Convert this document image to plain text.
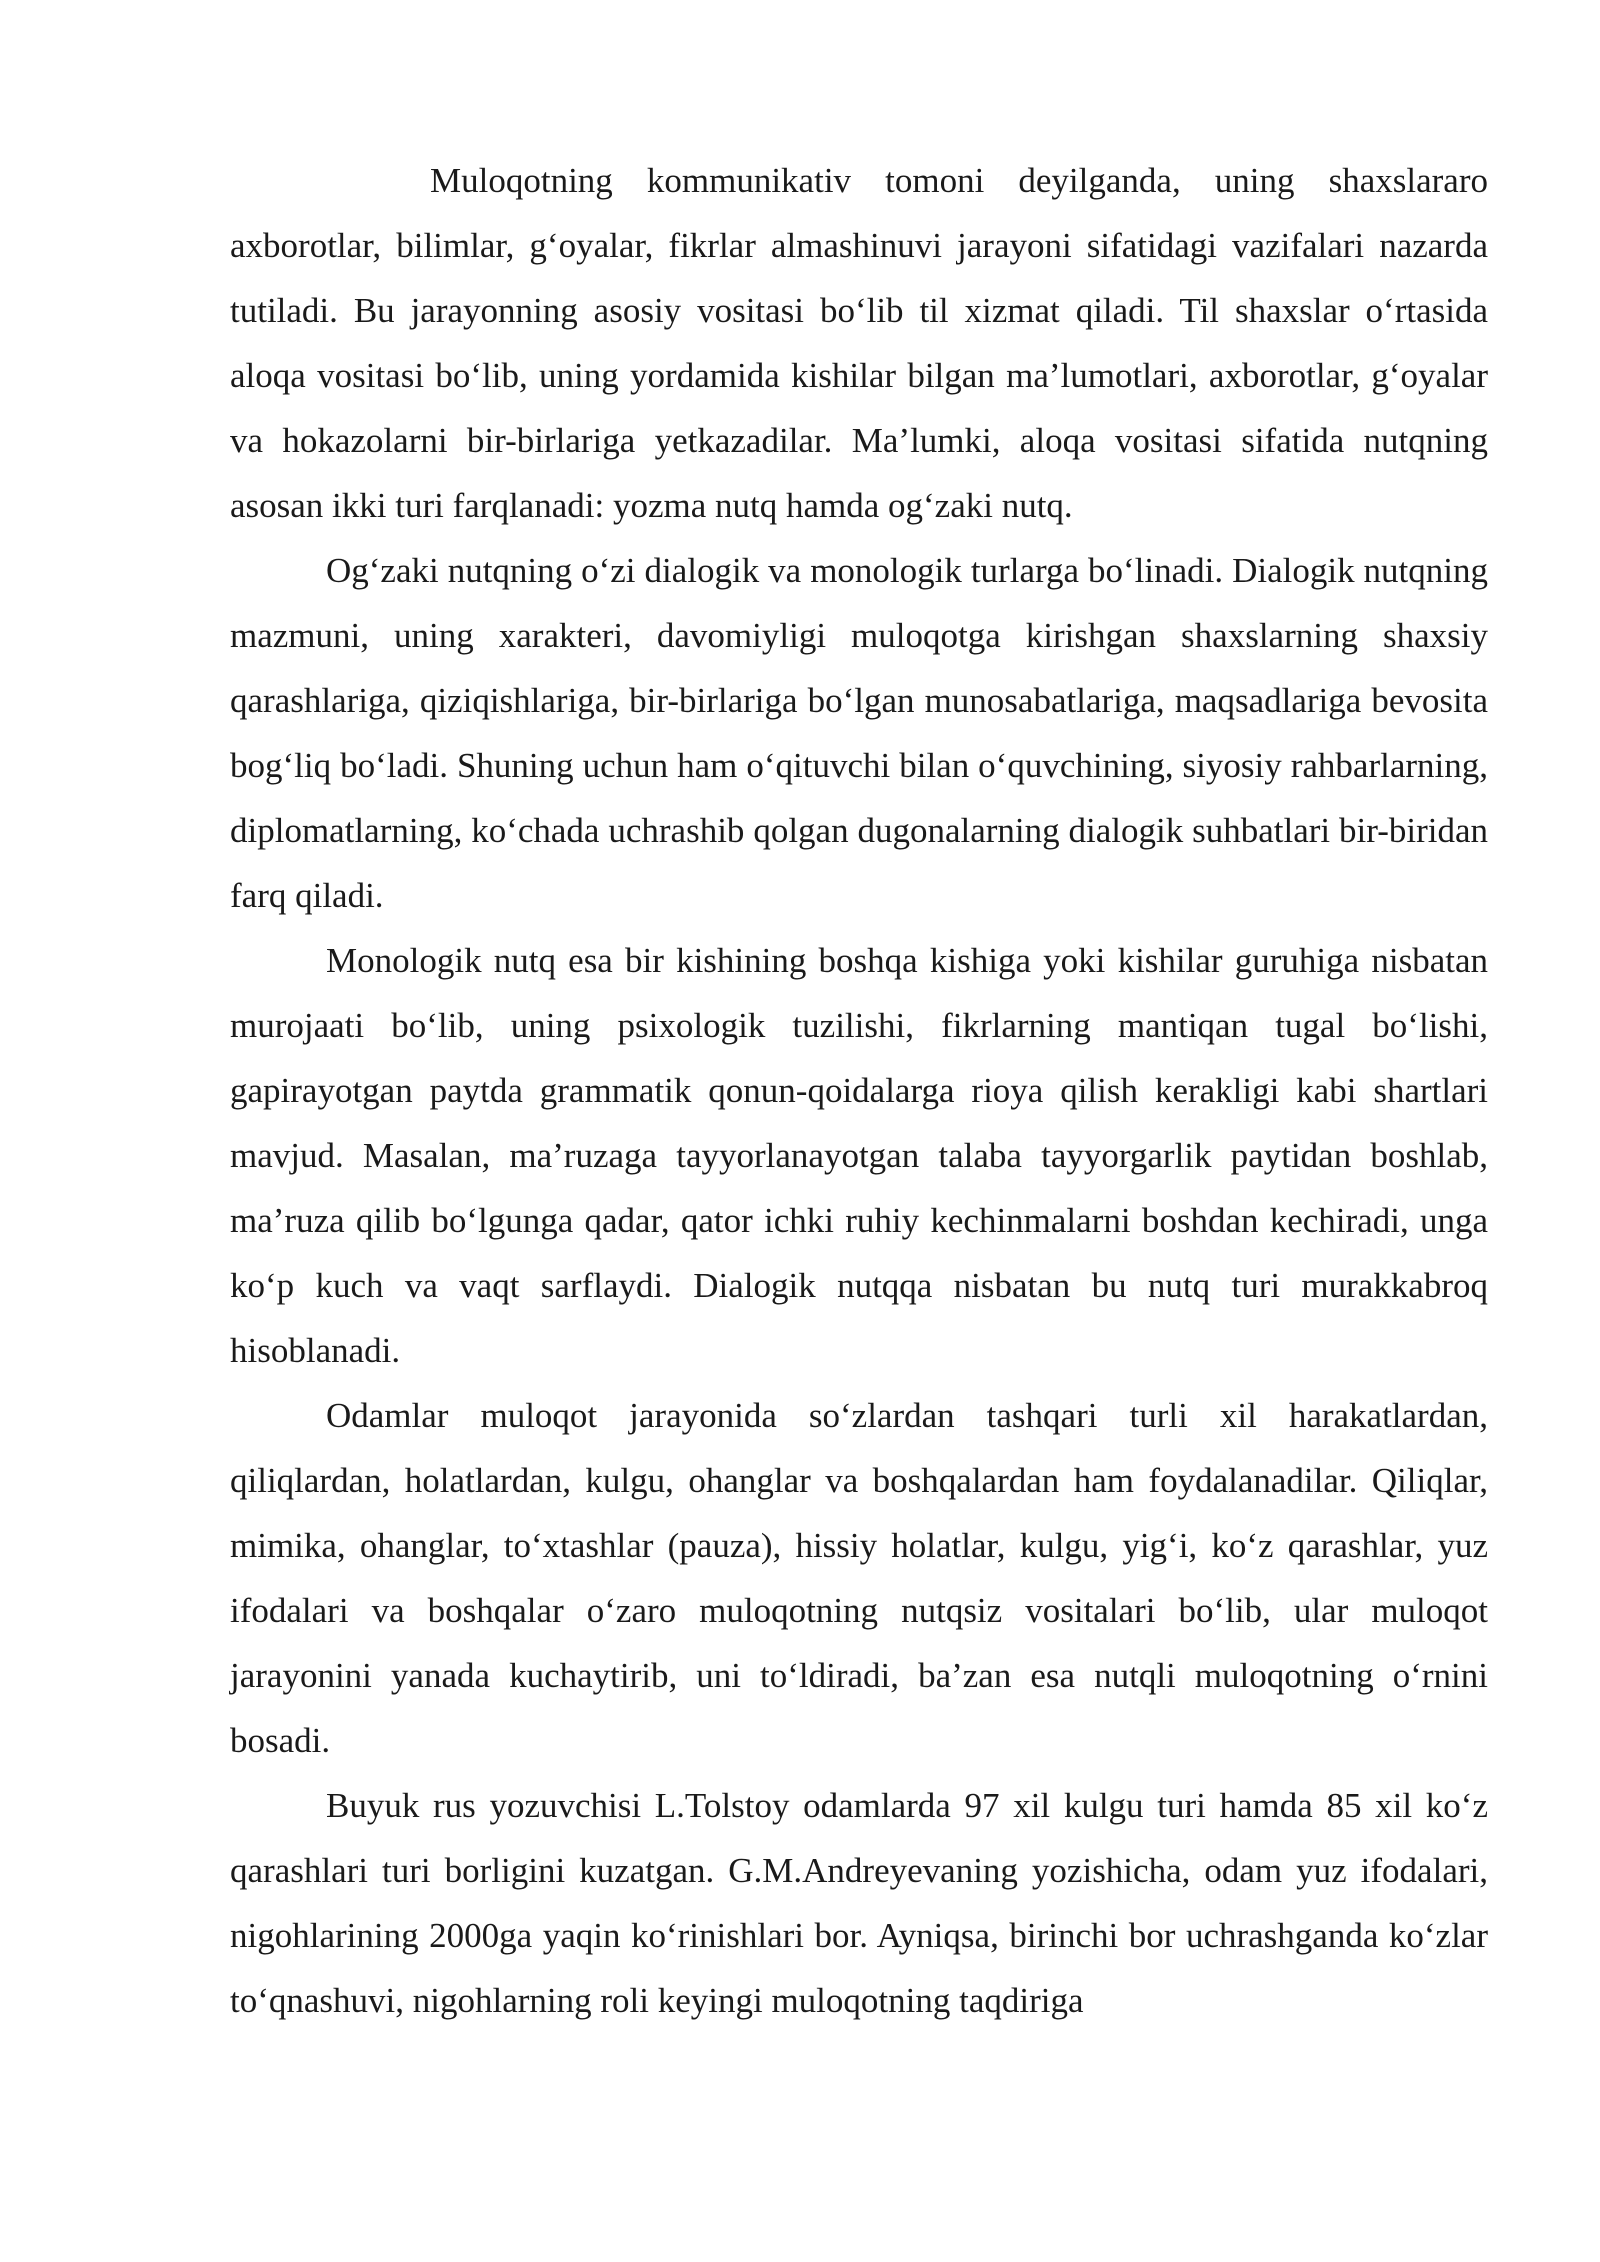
Muloqotning kommunikativ tomoni deyilganda, uning shaxslararo axborotlar, bilimlar, g‘oyalar, fikrlar almashinuvi jarayoni sifatidagi vazifalari nazarda tutiladi. Bu jarayonning asosiy vositasi bo‘lib til xizmat qiladi. Til shaxslar o‘rtasida aloqa vositasi bo‘lib, uning yordamida kishilar bilgan ma’lumotlari, axborotlar, g‘oyalar va hokazolarni bir-birlariga yetkazadilar. Ma’lumki, aloqa vositasi sifatida nutqning asosan ikki turi farqlanadi: yozma nutq hamda og‘zaki nutq.

Og‘zaki nutqning o‘zi dialogik va monologik turlarga bo‘linadi. Dialogik nutqning mazmuni, uning xarakteri, davomiyligi muloqotga kirishgan shaxslarning shaxsiy qarashlariga, qiziqishlariga, bir-birlariga bo‘lgan munosabatlariga, maqsadlariga bevosita bog‘liq bo‘ladi. Shuning uchun ham o‘qituvchi bilan o‘quvchining, siyosiy rahbarlarning, diplomatlarning, ko‘chada uchrashib qolgan dugonalarning dialogik suhbatlari bir-biridan farq qiladi.

Monologik nutq esa bir kishining boshqa kishiga yoki kishilar guruhiga nisbatan murojaati bo‘lib, uning psixologik tuzilishi, fikrlarning mantiqan tugal bo‘lishi, gapirayotgan paytda grammatik qonun-qoidalarga rioya qilish kerakligi kabi shartlari mavjud. Masalan, ma’ruzaga tayyorlanayotgan talaba tayyorgarlik paytidan boshlab, ma’ruza qilib bo‘lgunga qadar, qator ichki ruhiy kechinmalarni boshdan kechiradi, unga ko‘p kuch va vaqt sarflaydi. Dialogik nutqqa nisbatan bu nutq turi murakkabroq hisoblanadi.

Odamlar muloqot jarayonida so‘zlardan tashqari turli xil harakatlardan, qiliqlardan, holatlardan, kulgu, ohanglar va boshqalardan ham foydalanadilar. Qiliqlar, mimika, ohanglar, to‘xtashlar (pauza), hissiy holatlar, kulgu, yig‘i, ko‘z qarashlar, yuz ifodalari va boshqalar o‘zaro muloqotning nutqsiz vositalari bo‘lib, ular muloqot jarayonini yanada kuchaytirib, uni to‘ldiradi, ba’zan esa nutqli muloqotning o‘rnini bosadi.

Buyuk rus yozuvchisi L.Tolstoy odamlarda 97 xil kulgu turi hamda 85 xil ko‘z qarashlari turi borligini kuzatgan. G.M.Andreyevaning yozishicha, odam yuz ifodalari, nigohlarining 2000ga yaqin ko‘rinishlari bor. Ayniqsa, birinchi bor uchrashganda ko‘zlar to‘qnashuvi, nigohlarning roli keyingi muloqotning taqdiriga
